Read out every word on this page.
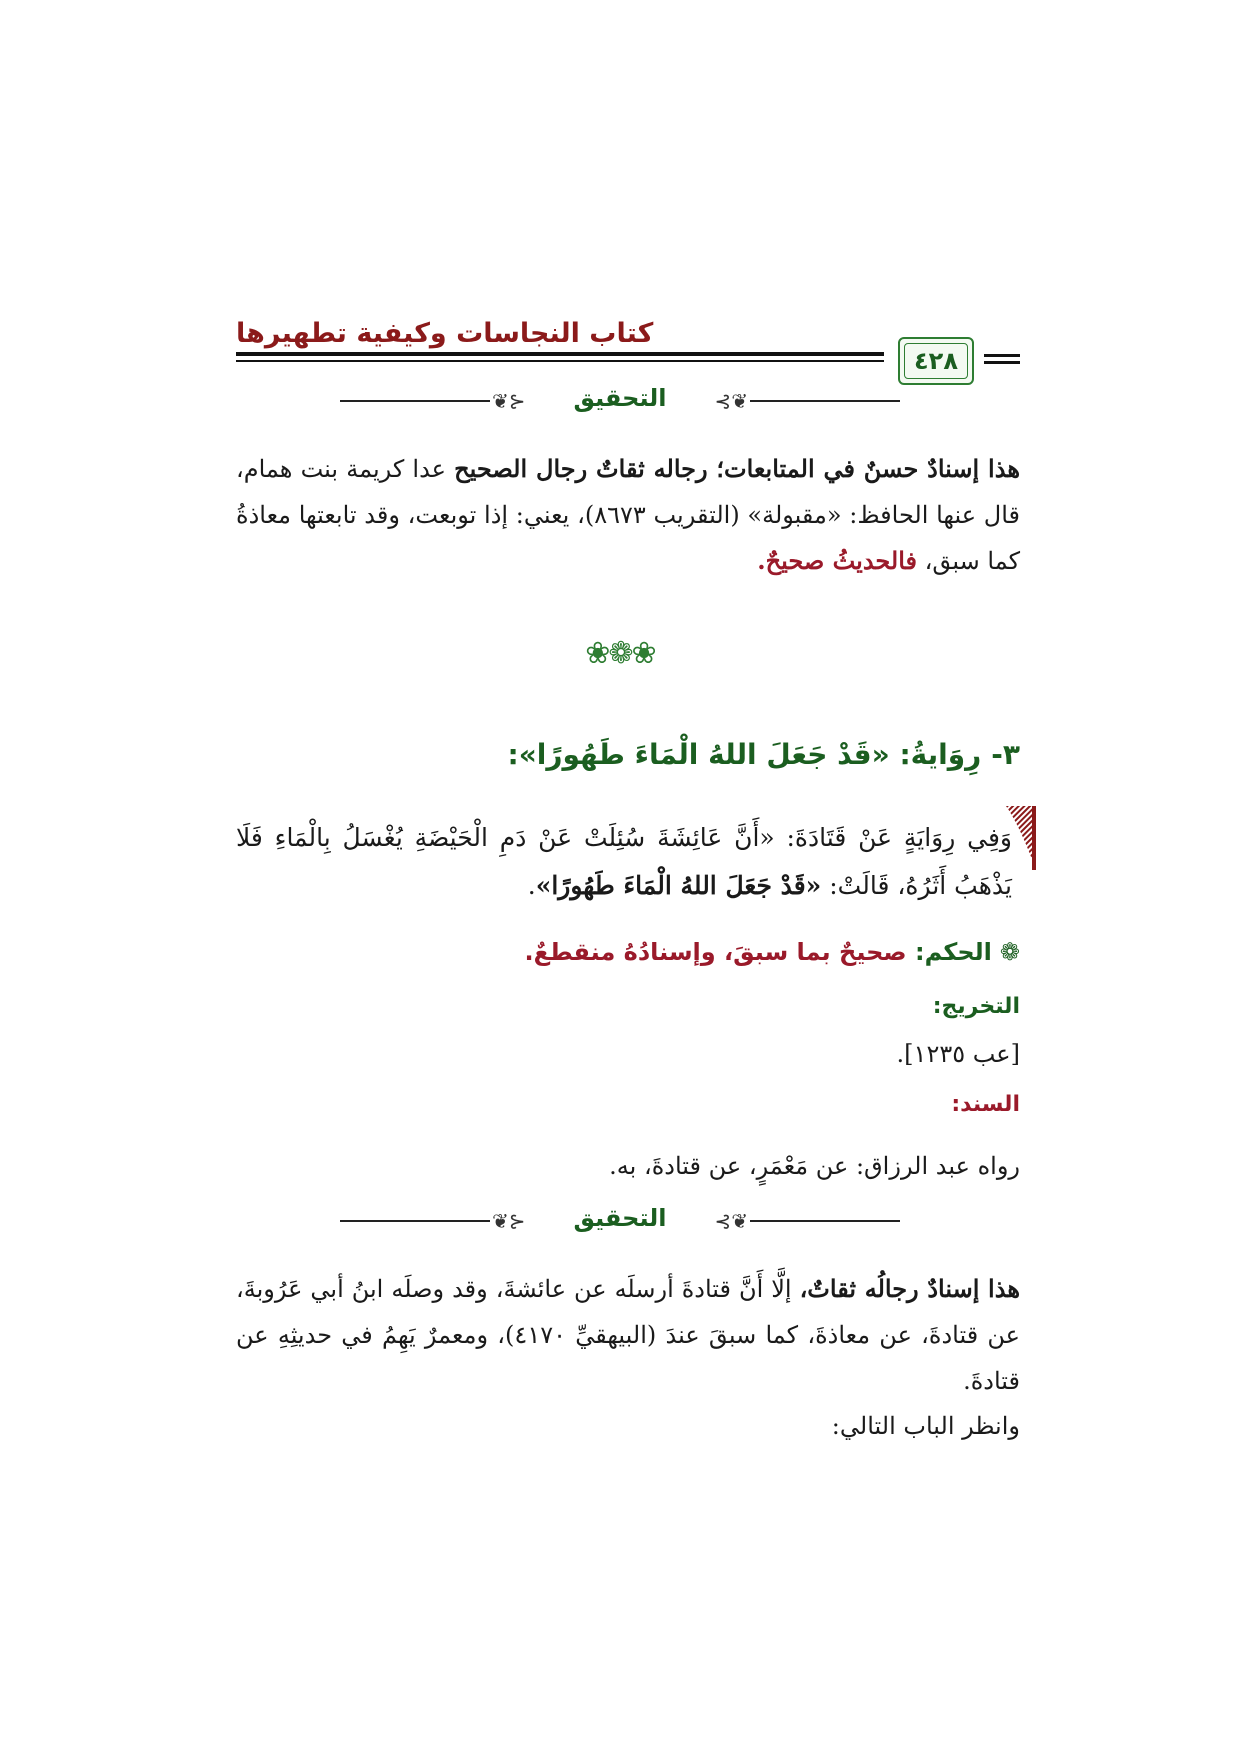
كتاب النجاسات وكيفية تطهيرها
٤٢٨
⊰❦	التحقيق	❦⊱
هذا إسنادٌ حسنٌ في المتابعات؛ رجاله ثقاتٌ رجال الصحيح عدا كريمة بنت همام، قال عنها الحافظ: «مقبولة» (التقريب ٨٦٧٣)، يعني: إذا توبعت، وقد تابعتها معاذةُ كما سبق، فالحديثُ صحيحٌ.
❀❁❀
٣-رِوَايةُ: «قَدْ جَعَلَ اللهُ الْمَاءَ طَهُورًا»:
وَفِي رِوَايَةٍ عَنْ قَتَادَةَ: «أَنَّ عَائِشَةَ سُئِلَتْ عَنْ دَمِ الْحَيْضَةِ يُغْسَلُ بِالْمَاءِ فَلَا يَذْهَبُ أَثَرُهُ، قَالَتْ: «قَدْ جَعَلَ اللهُ الْمَاءَ طَهُورًا».
❁الحكم: صحيحٌ بما سبقَ، وإسنادُهُ منقطعٌ.
التخريج:
[عب ١٢٣٥].
السند:
رواه عبد الرزاق: عن مَعْمَرٍ، عن قتادةَ، به.
⊰❦	التحقيق	❦⊱
هذا إسنادٌ رجالُه ثقاتٌ، إلَّا أَنَّ قتادةَ أرسلَه عن عائشةَ، وقد وصلَه ابنُ أبي عَرُوبةَ، عن قتادةَ، عن معاذةَ، كما سبقَ عندَ (البيهقيِّ ٤١٧٠)، ومعمرٌ يَهِمُ في حديثِهِ عن قتادةَ.
وانظر الباب التالي:
